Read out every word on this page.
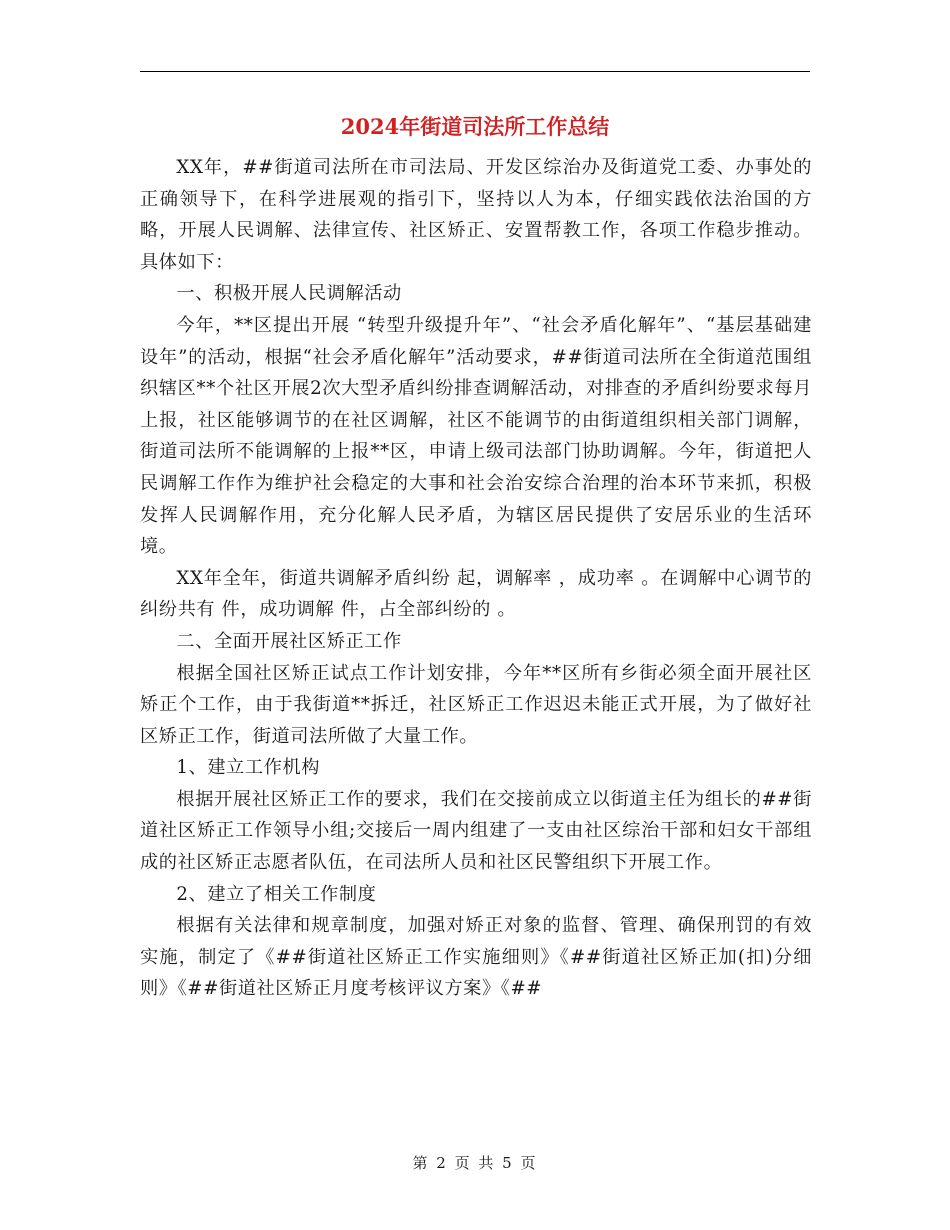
2024年街道司法所工作总结

XX年，##街道司法所在市司法局、开发区综治办及街道党工委、办事处的正确领导下，在科学进展观的指引下，坚持以人为本，仔细实践依法治国的方略，开展人民调解、法律宣传、社区矫正、安置帮教工作，各项工作稳步推动。具体如下：

一、积极开展人民调解活动

今年，**区提出开展 “转型升级提升年”、“社会矛盾化解年”、“基层基础建设年”的活动，根据“社会矛盾化解年”活动要求，##街道司法所在全街道范围组织辖区**个社区开展2次大型矛盾纠纷排查调解活动，对排查的矛盾纠纷要求每月上报，社区能够调节的在社区调解，社区不能调节的由街道组织相关部门调解，街道司法所不能调解的上报**区，申请上级司法部门协助调解。今年，街道把人民调解工作作为维护社会稳定的大事和社会治安综合治理的治本环节来抓，积极发挥人民调解作用，充分化解人民矛盾，为辖区居民提供了安居乐业的生活环境。

XX年全年，街道共调解矛盾纠纷 起，调解率 ，成功率 。在调解中心调节的纠纷共有 件，成功调解 件，占全部纠纷的 。

二、全面开展社区矫正工作

根据全国社区矫正试点工作计划安排，今年**区所有乡街必须全面开展社区矫正个工作，由于我街道**拆迁，社区矫正工作迟迟未能正式开展，为了做好社区矫正工作，街道司法所做了大量工作。

1、建立工作机构

根据开展社区矫正工作的要求，我们在交接前成立以街道主任为组长的##街道社区矫正工作领导小组;交接后一周内组建了一支由社区综治干部和妇女干部组成的社区矫正志愿者队伍，在司法所人员和社区民警组织下开展工作。

2、建立了相关工作制度

根据有关法律和规章制度，加强对矫正对象的监督、管理、确保刑罚的有效实施，制定了《##街道社区矫正工作实施细则》《##街道社区矫正加(扣)分细则》《##街道社区矫正月度考核评议方案》《##

第 2 页 共 5 页
